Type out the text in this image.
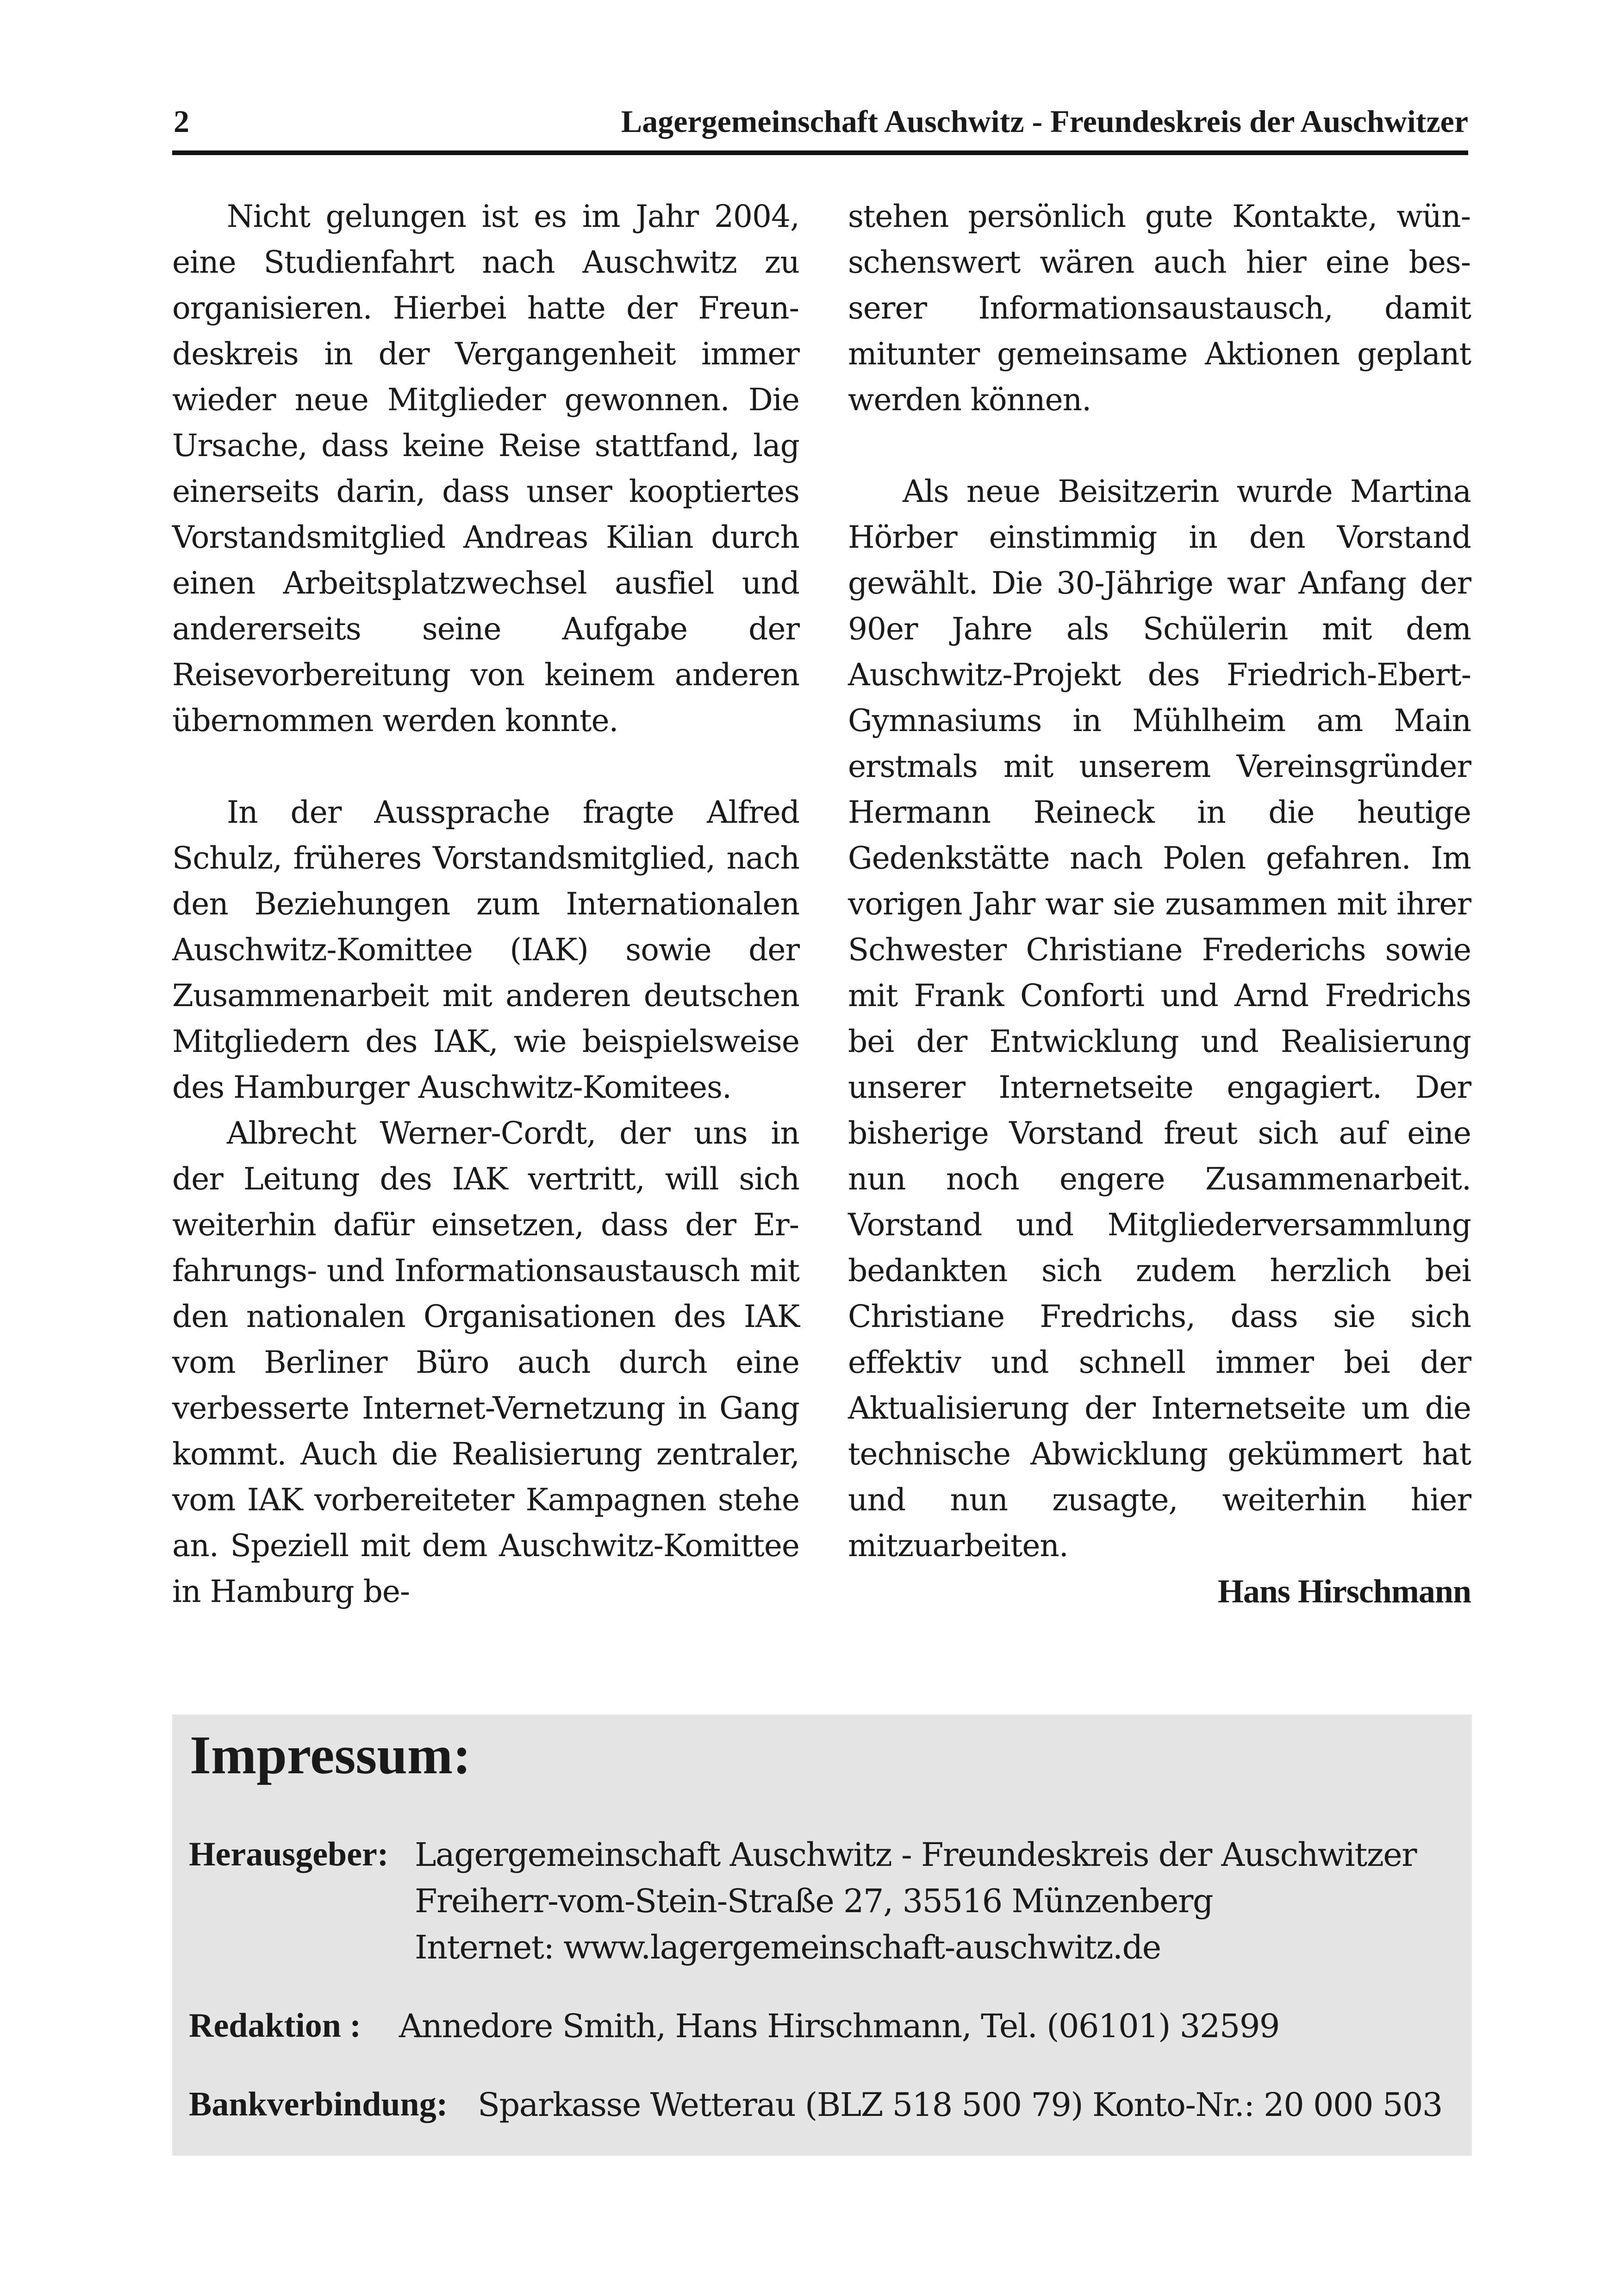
2	Lagergemeinschaft Auschwitz - Freundeskreis der Auschwitzer

Nicht gelungen ist es im Jahr 2004, eine Studienfahrt nach Auschwitz zu organisieren. Hierbei hatte der Freundeskreis in der Vergangenheit immer wieder neue Mitglieder gewonnen. Die Ursache, dass keine Reise stattfand, lag einerseits darin, dass unser kooptiertes Vorstandsmitglied Andreas Kilian durch einen Arbeitsplatzwechsel ausfiel und andererseits seine Aufgabe der Reisevorbereitung von keinem anderen übernommen werden konnte.

In der Aussprache fragte Alfred Schulz, früheres Vorstandsmitglied, nach den Beziehungen zum Internationalen Auschwitz-Komittee (IAK) sowie der Zusammenarbeit mit anderen deutschen Mitgliedern des IAK, wie beispielsweise des Hamburger Auschwitz-Komitees.

Albrecht Werner-Cordt, der uns in der Leitung des IAK vertritt, will sich weiterhin dafür einsetzen, dass der Erfahrungs- und Informationsaustausch mit den nationalen Organisationen des IAK vom Berliner Büro auch durch eine verbesserte Internet-Vernetzung in Gang kommt. Auch die Realisierung zentraler, vom IAK vorbereiteter Kampagnen stehe an. Speziell mit dem Auschwitz-Komittee in Hamburg be-

stehen persönlich gute Kontakte, wünschenswert wären auch hier eine besserer Informationsaustausch, damit mitunter gemeinsame Aktionen geplant werden können.

Als neue Beisitzerin wurde Martina Hörber einstimmig in den Vorstand gewählt. Die 30-Jährige war Anfang der 90er Jahre als Schülerin mit dem Auschwitz-Projekt des Friedrich-Ebert-Gymnasiums in Mühlheim am Main erstmals mit unserem Vereinsgründer Hermann Reineck in die heutige Gedenkstätte nach Polen gefahren. Im vorigen Jahr war sie zusammen mit ihrer Schwester Christiane Frederichs sowie mit Frank Conforti und Arnd Fredrichs bei der Entwicklung und Realisierung unserer Internetseite engagiert. Der bisherige Vorstand freut sich auf eine nun noch engere Zusammenarbeit. Vorstand und Mitgliederversammlung bedankten sich zudem herzlich bei Christiane Fredrichs, dass sie sich effektiv und schnell immer bei der Aktualisierung der Internetseite um die technische Abwicklung gekümmert hat und nun zusagte, weiterhin hier mitzuarbeiten.

Hans Hirschmann

Impressum:
Herausgeber: Lagergemeinschaft Auschwitz - Freundeskreis der Auschwitzer
Freiherr-vom-Stein-Straße 27, 35516 Münzenberg
Internet: www.lagergemeinschaft-auschwitz.de
Redaktion : Annedore Smith, Hans Hirschmann, Tel. (06101) 32599
Bankverbindung: Sparkasse Wetterau (BLZ 518 500 79) Konto-Nr.: 20 000 503
